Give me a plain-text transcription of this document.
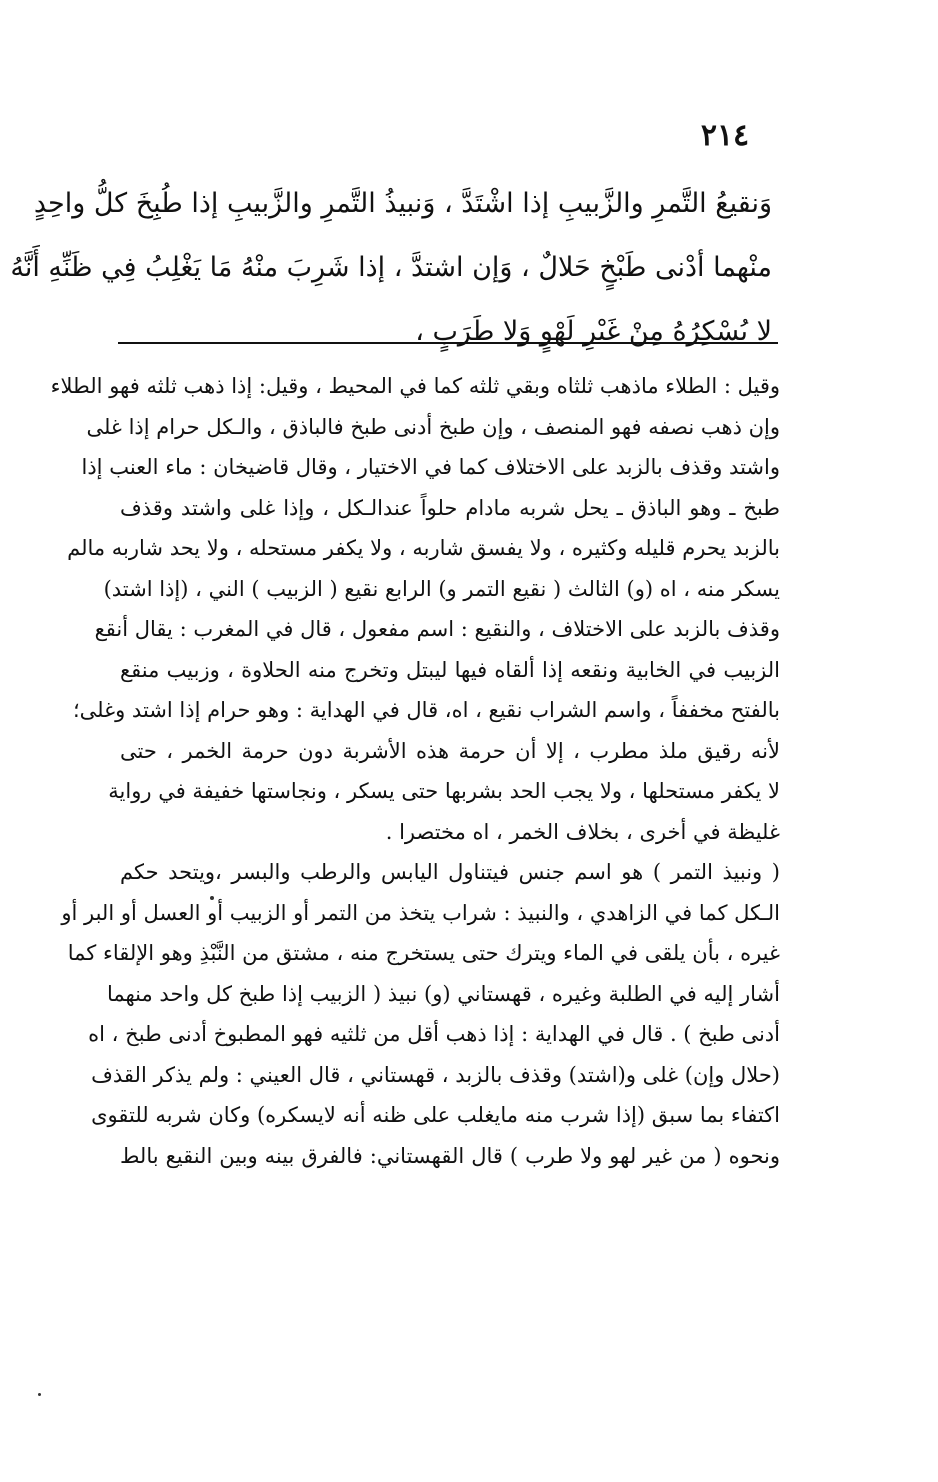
٢١٤
وَنقيعُ التَّمرِ والزَّبيبِ إذا اشْتَدَّ ، وَنبيذُ التَّمرِ والزَّبيبِ إذا طُبِخَ كلُّ واحِدٍ
منْهما أدْنى طَبْخٍ حَلالٌ ، وَإن اشتدَّ ، إذا شَرِبَ منْهُ مَا يَغْلِبُ فِي ظَنِّهِ أَنَّهُ
لا يُسْكِرُهُ مِنْ غَيْرِ لَهْوٍ وَلا طَرَبٍ ،
وقيل : الطلاء ماذهب ثلثاه وبقي ثلثه كما في المحيط ، وقيل: إذا ذهب ثلثه فهو الطلاء
وإن ذهب نصفه فهو المنصف ، وإن طبخ أدنى طبخ فالباذق ، والـكل حرام إذا غلى
واشتد وقذف بالزبد على الاختلاف كما في الاختيار ، وقال قاضيخان : ماء العنب إذا
طبخ ـ وهو الباذق ـ يحل شربه مادام حلواً عندالـكل ، وإذا غلى واشتد وقذف
بالزبد يحرم قليله وكثيره ، ولا يفسق شاربه ، ولا يكفر مستحله ، ولا يحد شاربه مالم
يسكر منه ، اه (و) الثالث ( نقيع التمر و) الرابع نقيع ( الزبيب ) الني ، (إذا اشتد)
وقذف بالزبد على الاختلاف ، والنقيع : اسم مفعول ، قال في المغرب : يقال أنقع
الزبيب في الخابية ونقعه إذا ألقاه فيها ليبتل وتخرج منه الحلاوة ، وزبيب منقع
بالفتح مخففاً ، واسم الشراب نقيع ، اه، قال في الهداية : وهو حرام إذا اشتد وغلى؛
لأنه رقيق ملذ مطرب ، إلا أن حرمة هذه الأشربة دون حرمة الخمر ، حتى
لا يكفر مستحلها ، ولا يجب الحد بشربها حتى يسكر ، ونجاستها خفيفة في رواية
غليظة في أخرى ، بخلاف الخمر ، اه مختصرا .
( ونبيذ التمر ) هو اسم جنس فيتناول اليابس والرطب والبسر ،ويتحد حكم
الـكل كما في الزاهدي ، والنبيذ : شراب يتخذ من التمر أو الزبيب أو العسل أو البر أو
غيره ، بأن يلقى في الماء ويترك حتى يستخرج منه ، مشتق من النَّبْذِ وهو الإلقاء كما
أشار إليه في الطلبة وغيره ، قهستاني (و) نبيذ ( الزبيب إذا طبخ كل واحد منهما
أدنى طبخ ) . قال في الهداية : إذا ذهب أقل من ثلثيه فهو المطبوخ أدنى طبخ ، اه
(حلال وإن) غلى و(اشتد) وقذف بالزبد ، قهستاني ، قال العيني : ولم يذكر القذف
اكتفاء بما سبق (إذا شرب منه مايغلب على ظنه أنه لايسكره) وكان شربه للتقوى
ونحوه ( من غير لهو ولا طرب ) قال القهستاني: فالفرق بينه وبين النقيع بالط
